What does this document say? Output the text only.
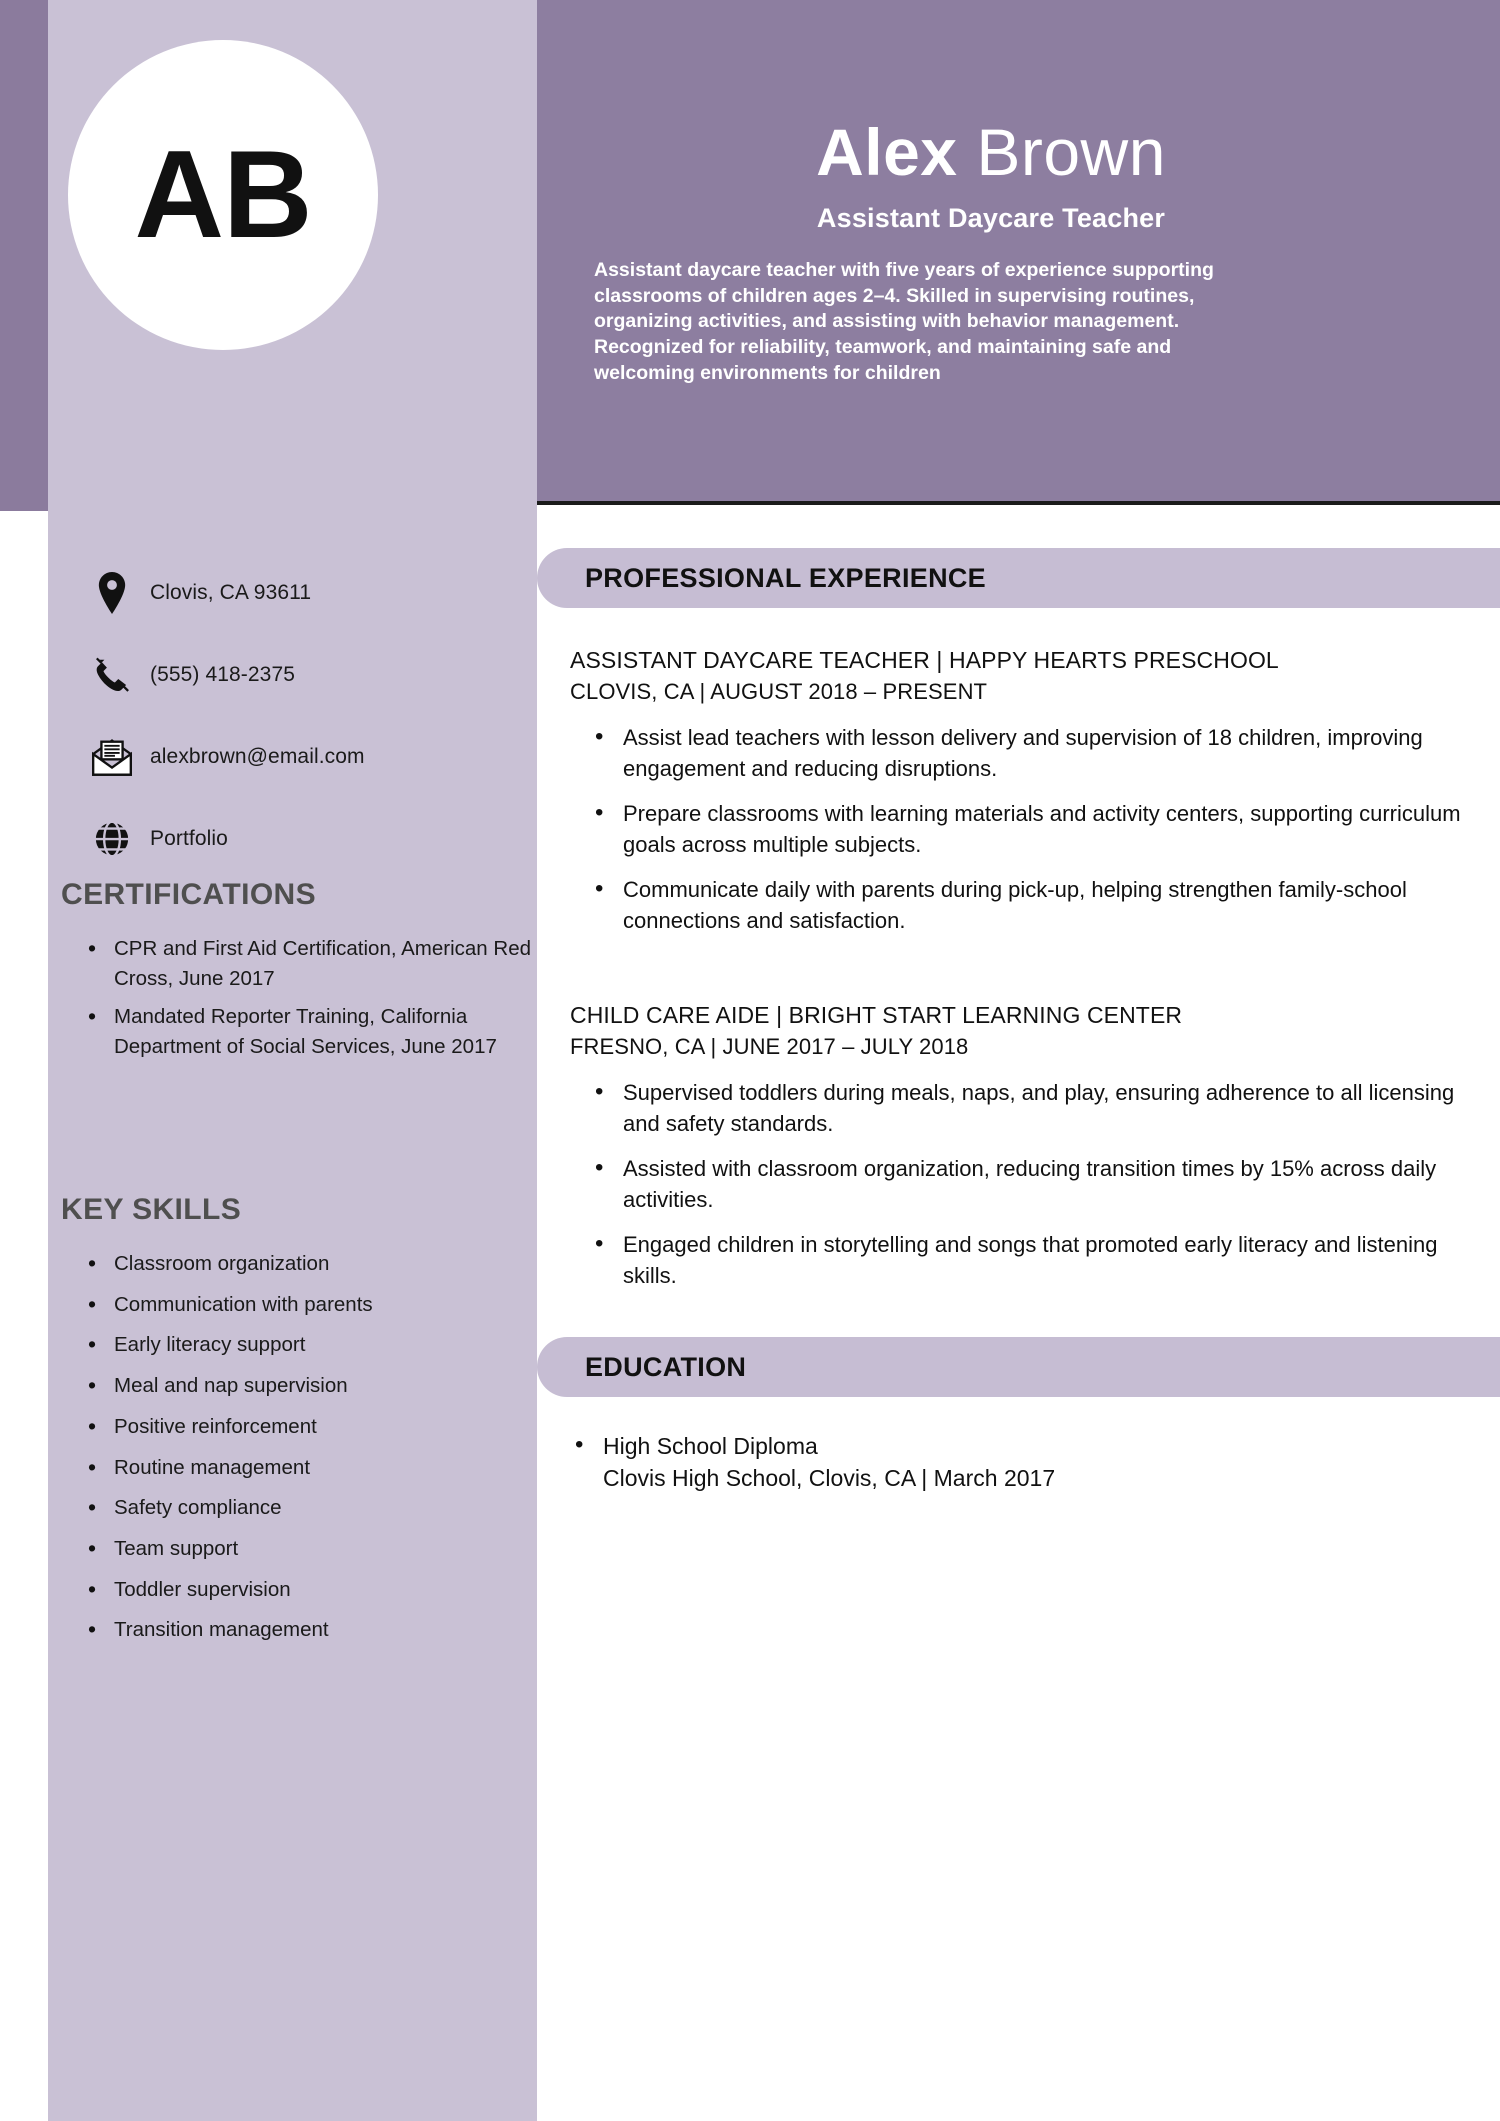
Alex Brown
Assistant Daycare Teacher
Assistant daycare teacher with five years of experience supporting classrooms of children ages 2–4. Skilled in supervising routines, organizing activities, and assisting with behavior management. Recognized for reliability, teamwork, and maintaining safe and welcoming environments for children
AB
Clovis, CA 93611
(555) 418-2375
alexbrown@email.com
Portfolio
CERTIFICATIONS
• CPR and First Aid Certification, American Red Cross, June 2017
• Mandated Reporter Training, California Department of Social Services, June 2017
KEY SKILLS
• Classroom organization
• Communication with parents
• Early literacy support
• Meal and nap supervision
• Positive reinforcement
• Routine management
• Safety compliance
• Team support
• Toddler supervision
• Transition management
PROFESSIONAL EXPERIENCE
ASSISTANT DAYCARE TEACHER | HAPPY HEARTS PRESCHOOL
CLOVIS, CA | AUGUST 2018 – PRESENT
• Assist lead teachers with lesson delivery and supervision of 18 children, improving engagement and reducing disruptions.
• Prepare classrooms with learning materials and activity centers, supporting curriculum goals across multiple subjects.
• Communicate daily with parents during pick-up, helping strengthen family-school connections and satisfaction.
CHILD CARE AIDE | BRIGHT START LEARNING CENTER
FRESNO, CA | JUNE 2017 – JULY 2018
• Supervised toddlers during meals, naps, and play, ensuring adherence to all licensing and safety standards.
• Assisted with classroom organization, reducing transition times by 15% across daily activities.
• Engaged children in storytelling and songs that promoted early literacy and listening skills.
EDUCATION
• High School Diploma
Clovis High School, Clovis, CA | March 2017
